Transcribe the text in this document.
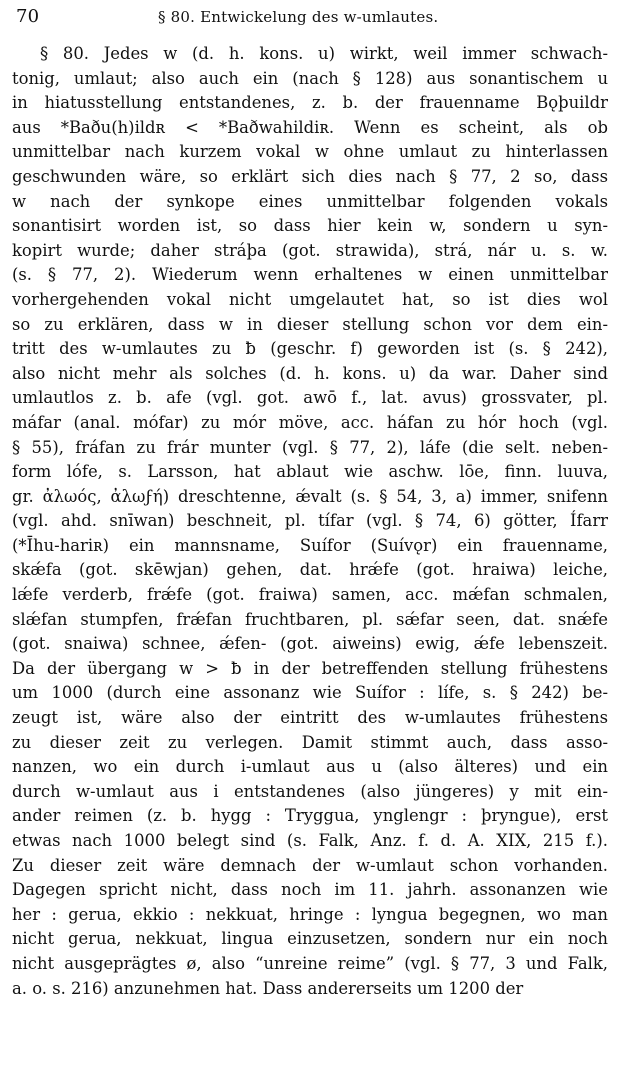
70	§ 80. Entwickelung des w-umlautes.
§ 80. Jedes w (d. h. kons. u) wirkt, weil immer schwach-
tonig, umlaut; also auch ein (nach § 128) aus sonantischem u
in hiatusstellung entstandenes, z. b. der frauenname Bǫþuildr
aus *Baðu(h)ildʀ < *Baðwahildiʀ. Wenn es scheint, als ob
unmittelbar nach kurzem vokal w ohne umlaut zu hinterlassen
geschwunden wäre, so erklärt sich dies nach § 77, 2 so, dass
w nach der synkope eines unmittelbar folgenden vokals
sonantisirt worden ist, so dass hier kein w, sondern u syn-
kopirt wurde; daher stráþa (got. strawida), strá, nár u. s. w.
(s. § 77, 2). Wiederum wenn erhaltenes w einen unmittelbar
vorhergehenden vokal nicht umgelautet hat, so ist dies wol
so zu erklären, dass w in dieser stellung schon vor dem ein-
tritt des w-umlautes zu ƀ (geschr. f) geworden ist (s. § 242),
also nicht mehr als solches (d. h. kons. u) da war. Daher sind
umlautlos z. b. afe (vgl. got. awō f., lat. avus) grossvater, pl.
máfar (anal. mófar) zu mór möve, acc. háfan zu hór hoch (vgl.
§ 55), fráfan zu frár munter (vgl. § 77, 2), láfe (die selt. neben-
form lófe, s. Larsson, hat ablaut wie aschw. lōe, finn. luuva,
gr. ἀλωός, ἀλωϝή) dreschtenne, ǽvalt (s. § 54, 3, a) immer, snifenn
(vgl. ahd. snīwan) beschneit, pl. tífar (vgl. § 74, 6) götter, Ífarr
(*Īhu-hariʀ) ein mannsname, Suífor (Suívǫr) ein frauenname,
skǽfa (got. skēwjan) gehen, dat. hrǽfe (got. hraiwa) leiche,
lǽfe verderb, frǽfe (got. fraiwa) samen, acc. mǽfan schmalen,
slǽfan stumpfen, frǽfan fruchtbaren, pl. sǽfar seen, dat. snǽfe
(got. snaiwa) schnee, ǽfen- (got. aiweins) ewig, ǽfe lebenszeit.
Da der übergang w > ƀ in der betreffenden stellung frühestens
um 1000 (durch eine assonanz wie Suífor : lífe, s. § 242) be-
zeugt ist, wäre also der eintritt des w-umlautes frühestens
zu dieser zeit zu verlegen. Damit stimmt auch, dass asso-
nanzen, wo ein durch i-umlaut aus u (also älteres) und ein
durch w-umlaut aus i entstandenes (also jüngeres) y mit ein-
ander reimen (z. b. hygg : Tryggua, ynglengr : þryngue), erst
etwas nach 1000 belegt sind (s. Falk, Anz. f. d. A. XIX, 215 f.).
Zu dieser zeit wäre demnach der w-umlaut schon vorhanden.
Dagegen spricht nicht, dass noch im 11. jahrh. assonanzen wie
her : gerua, ekkio : nekkuat, hringe : lyngua begegnen, wo man
nicht gerua, nekkuat, lingua einzusetzen, sondern nur ein noch
nicht ausgeprägtes ø, also “unreine reime” (vgl. § 77, 3 und Falk,
a. o. s. 216) anzunehmen hat. Dass andererseits um 1200 der
